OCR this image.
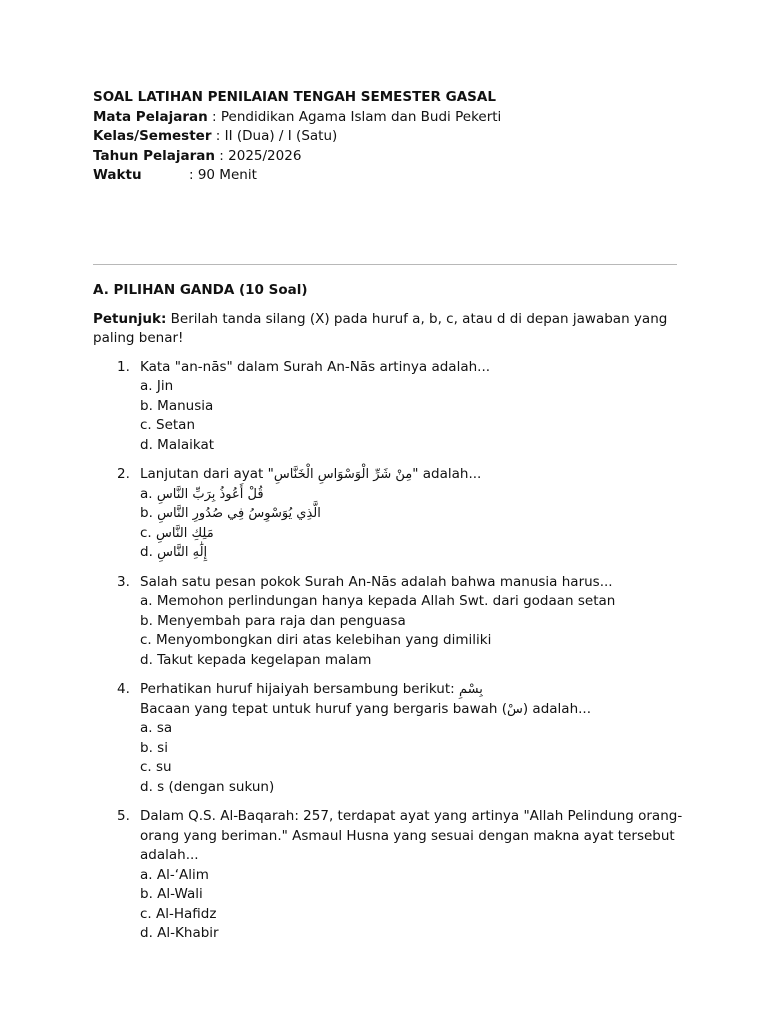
SOAL LATIHAN PENILAIAN TENGAH SEMESTER GASAL
Mata Pelajaran : Pendidikan Agama Islam dan Budi Pekerti
Kelas/Semester : II (Dua) / I (Satu)
Tahun Pelajaran : 2025/2026
Waktu	: 90 Menit

A. PILIHAN GANDA (10 Soal)

Petunjuk: Berilah tanda silang (X) pada huruf a, b, c, atau d di depan jawaban yang paling benar!

1. Kata "an-nās" dalam Surah An-Nās artinya adalah...
a. Jin
b. Manusia
c. Setan
d. Malaikat
2. Lanjutan dari ayat "مِنْ شَرِّ الْوَسْوَاسِ الْخَنَّاسِ" adalah...
a. قُلْ أَعُوذُ بِرَبِّ النَّاسِ
b. الَّذِي يُوَسْوِسُ فِي صُدُورِ النَّاسِ
c. مَلِكِ النَّاسِ
d. إِلَٰهِ النَّاسِ
3. Salah satu pesan pokok Surah An-Nās adalah bahwa manusia harus...
a. Memohon perlindungan hanya kepada Allah Swt. dari godaan setan
b. Menyembah para raja dan penguasa
c. Menyombongkan diri atas kelebihan yang dimiliki
d. Takut kepada kegelapan malam
4. Perhatikan huruf hijaiyah bersambung berikut: بِسْمِ
Bacaan yang tepat untuk huruf yang bergaris bawah (سْ) adalah...
a. sa
b. si
c. su
d. s (dengan sukun)
5. Dalam Q.S. Al-Baqarah: 257, terdapat ayat yang artinya "Allah Pelindung orang-orang yang beriman." Asmaul Husna yang sesuai dengan makna ayat tersebut adalah...
a. Al-‘Alim
b. Al-Wali
c. Al-Hafidz
d. Al-Khabir
